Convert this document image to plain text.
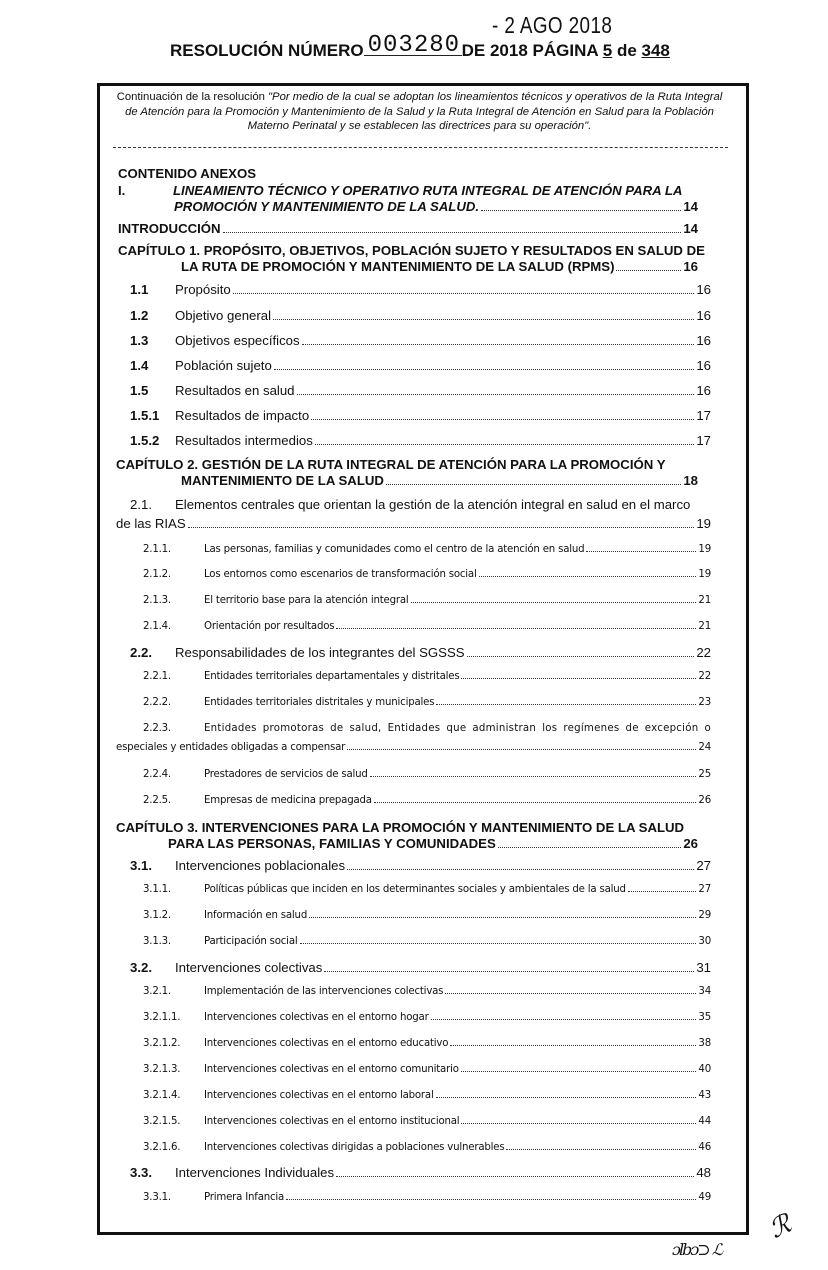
- 2 AGO 2018
RESOLUCIÓN NÚMERO 003280 DE 2018 PÁGINA 5 de 348
Continuación de la resolución "Por medio de la cual se adoptan los lineamientos técnicos y operativos de la Ruta Integral de Atención para la Promoción y Mantenimiento de la Salud y la Ruta Integral de Atención en Salud para la Población Materno Perinatal y se establecen las directrices para su operación".
CONTENIDO ANEXOS
I.	LINEAMIENTO TÉCNICO Y OPERATIVO RUTA INTEGRAL DE ATENCIÓN PARA LA
PROMOCIÓN Y MANTENIMIENTO DE LA SALUD.	14
INTRODUCCIÓN	14
CAPÍTULO 1. PROPÓSITO, OBJETIVOS, POBLACIÓN SUJETO Y RESULTADOS EN SALUD DE
LA RUTA DE PROMOCIÓN Y MANTENIMIENTO DE LA SALUD (RPMS)	16
1.1	Propósito	16
1.2	Objetivo general	16
1.3	Objetivos específicos	16
1.4	Población sujeto	16
1.5	Resultados en salud	16
1.5.1	Resultados de impacto	17
1.5.2	Resultados intermedios	17
CAPÍTULO 2. GESTIÓN DE LA RUTA INTEGRAL DE ATENCIÓN PARA LA PROMOCIÓN Y
MANTENIMIENTO DE LA SALUD	18
2.1. Elementos centrales que orientan la gestión de la atención integral en salud en el marco
de las RIAS	19
2.1.1.	Las personas, familias y comunidades como el centro de la atención en salud	19
2.1.2.	Los entornos como escenarios de transformación social	19
2.1.3.	El territorio base para la atención integral	21
2.1.4.	Orientación por resultados	21
2.2.	Responsabilidades de los integrantes del SGSSS	22
2.2.1.	Entidades territoriales departamentales y distritales	22
2.2.2.	Entidades territoriales distritales y municipales	23
2.2.3.	Entidades promotoras de salud, Entidades que administran los regímenes de excepción o
especiales y entidades obligadas a compensar	24
2.2.4.	Prestadores de servicios de salud	25
2.2.5.	Empresas de medicina prepagada	26
CAPÍTULO 3. INTERVENCIONES PARA LA PROMOCIÓN Y MANTENIMIENTO DE LA SALUD
PARA LAS PERSONAS, FAMILIAS Y COMUNIDADES	26
3.1.	Intervenciones poblacionales	27
3.1.1.	Políticas públicas que inciden en los determinantes sociales y ambientales de la salud	27
3.1.2.	Información en salud	29
3.1.3.	Participación social	30
3.2.	Intervenciones colectivas	31
3.2.1.	Implementación de las intervenciones colectivas	34
3.2.1.1.	Intervenciones colectivas en el entorno hogar	35
3.2.1.2.	Intervenciones colectivas en el entorno educativo	38
3.2.1.3.	Intervenciones colectivas en el entorno comunitario	40
3.2.1.4.	Intervenciones colectivas en el entorno laboral	43
3.2.1.5.	Intervenciones colectivas en el entorno institucional	44
3.2.1.6.	Intervenciones colectivas dirigidas a poblaciones vulnerables	46
3.3.	Intervenciones Individuales	48
3.3.1.	Primera Infancia	49
ɔlbɔ⊃ ℒ
ℛ
